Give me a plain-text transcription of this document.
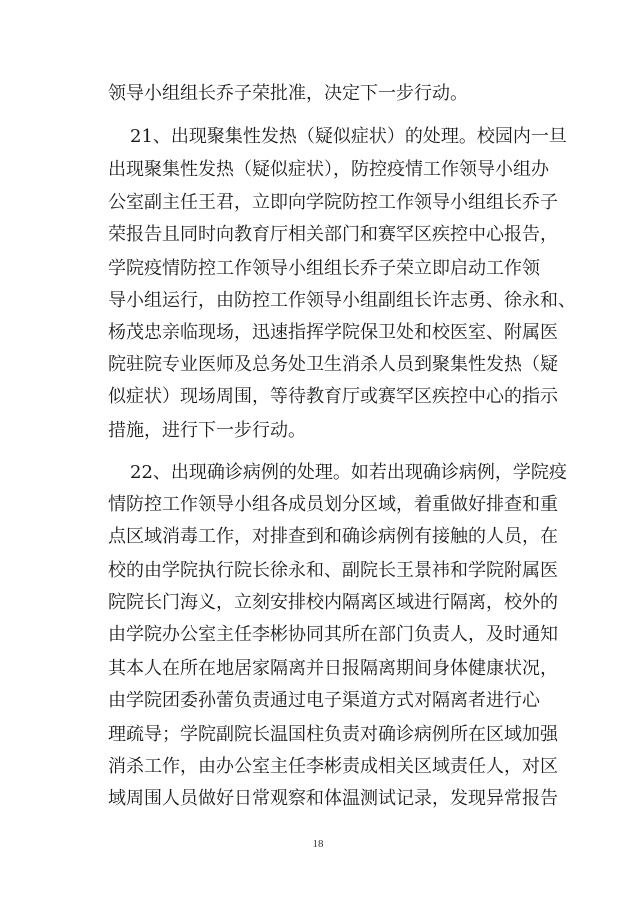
领导小组组长乔子荣批准，决定下一步行动。
21、出现聚集性发热（疑似症状）的处理。校园内一旦
出现聚集性发热（疑似症状），防控疫情工作领导小组办
公室副主任王君，立即向学院防控工作领导小组组长乔子
荣报告且同时向教育厅相关部门和赛罕区疾控中心报告，
学院疫情防控工作领导小组组长乔子荣立即启动工作领
导小组运行，由防控工作领导小组副组长许志勇、徐永和、
杨茂忠亲临现场，迅速指挥学院保卫处和校医室、附属医
院驻院专业医师及总务处卫生消杀人员到聚集性发热（疑
似症状）现场周围，等待教育厅或赛罕区疾控中心的指示
措施，进行下一步行动。
22、出现确诊病例的处理。如若出现确诊病例，学院疫
情防控工作领导小组各成员划分区域，着重做好排查和重
点区域消毒工作，对排查到和确诊病例有接触的人员，在
校的由学院执行院长徐永和、副院长王景祎和学院附属医
院院长门海义，立刻安排校内隔离区域进行隔离，校外的
由学院办公室主任李彬协同其所在部门负责人，及时通知
其本人在所在地居家隔离并日报隔离期间身体健康状况，
由学院团委孙蕾负责通过电子渠道方式对隔离者进行心
理疏导；学院副院长温国柱负责对确诊病例所在区域加强
消杀工作，由办公室主任李彬责成相关区域责任人，对区
域周围人员做好日常观察和体温测试记录，发现异常报告
18
